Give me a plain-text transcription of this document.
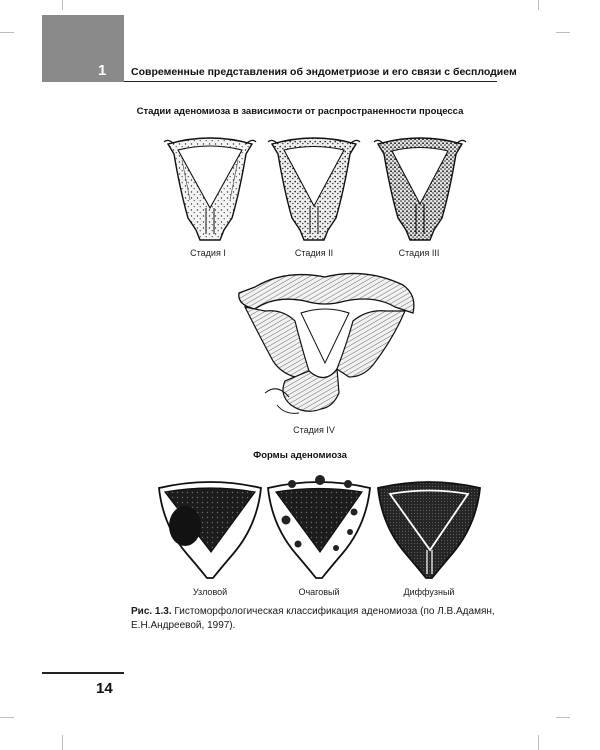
1 Современные представления об эндометриозе и его связи с бесплодием
Стадии аденомиоза в зависимости от распространенности процесса
Стадия I	Стадия II	Стадия III
Стадия IV
Формы аденомиоза
Узловой	Очаговый	Диффузный
Рис. 1.3. Гистоморфологическая классификация аденомиоза (по Л.В.Адамян, Е.Н.Андреевой, 1997).
14
